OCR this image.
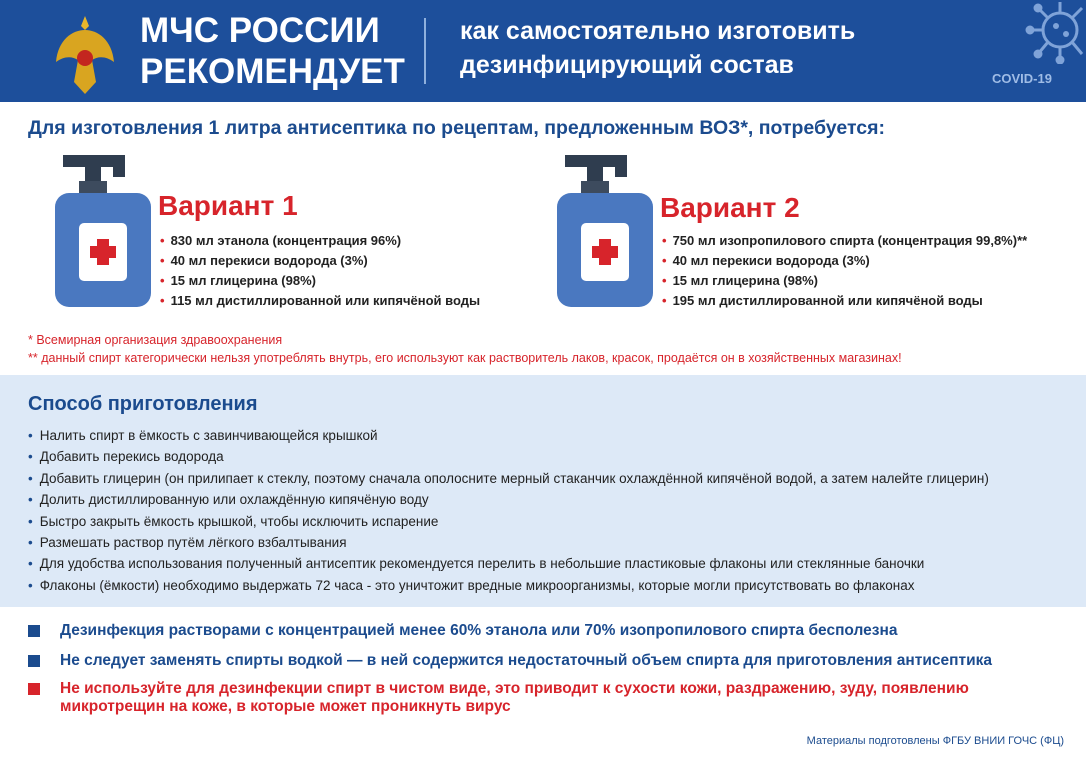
МЧС РОССИИ
РЕКОМЕНДУЕТ
как самостоятельно изготовить
дезинфицирующий состав	COVID-19
Для изготовления 1 литра антисептика по рецептам, предложенным ВОЗ*, потребуется:
Вариант 1
• 830 мл этанола (концентрация 96%)
• 40 мл перекиси водорода (3%)
• 15 мл глицерина (98%)
• 115 мл дистиллированной или кипячёной воды
Вариант 2
• 750 мл изопропилового спирта (концентрация 99,8%)**
• 40 мл перекиси водорода (3%)
• 15 мл глицерина (98%)
• 195 мл дистиллированной или кипячёной воды
* Всемирная организация здравоохранения
** данный спирт категорически нельзя употреблять внутрь, его используют как растворитель лаков, красок, продаётся он в хозяйственных магазинах!
Способ приготовления
• Налить спирт в ёмкость с завинчивающейся крышкой
• Добавить перекись водорода
• Добавить глицерин (он прилипает к стеклу, поэтому сначала ополосните мерный стаканчик охлаждённой кипячёной водой, а затем налейте глицерин)
• Долить дистиллированную или охлаждённую кипячёную воду
• Быстро закрыть ёмкость крышкой, чтобы исключить испарение
• Размешать раствор путём лёгкого взбалтывания
• Для удобства использования полученный антисептик рекомендуется перелить в небольшие пластиковые флаконы или стеклянные баночки
• Флаконы (ёмкости) необходимо выдержать 72 часа - это уничтожит вредные микроорганизмы, которые могли присутствовать во флаконах
Дезинфекция растворами с концентрацией менее 60% этанола или 70% изопропилового спирта бесполезна
Не следует заменять спирты водкой — в ней содержится недостаточный объем спирта для приготовления антисептика
Не используйте для дезинфекции спирт в чистом виде, это приводит к сухости кожи, раздражению, зуду, появлению микротрещин на коже, в которые может проникнуть вирус
Материалы подготовлены ФГБУ ВНИИ ГОЧС (ФЦ)
